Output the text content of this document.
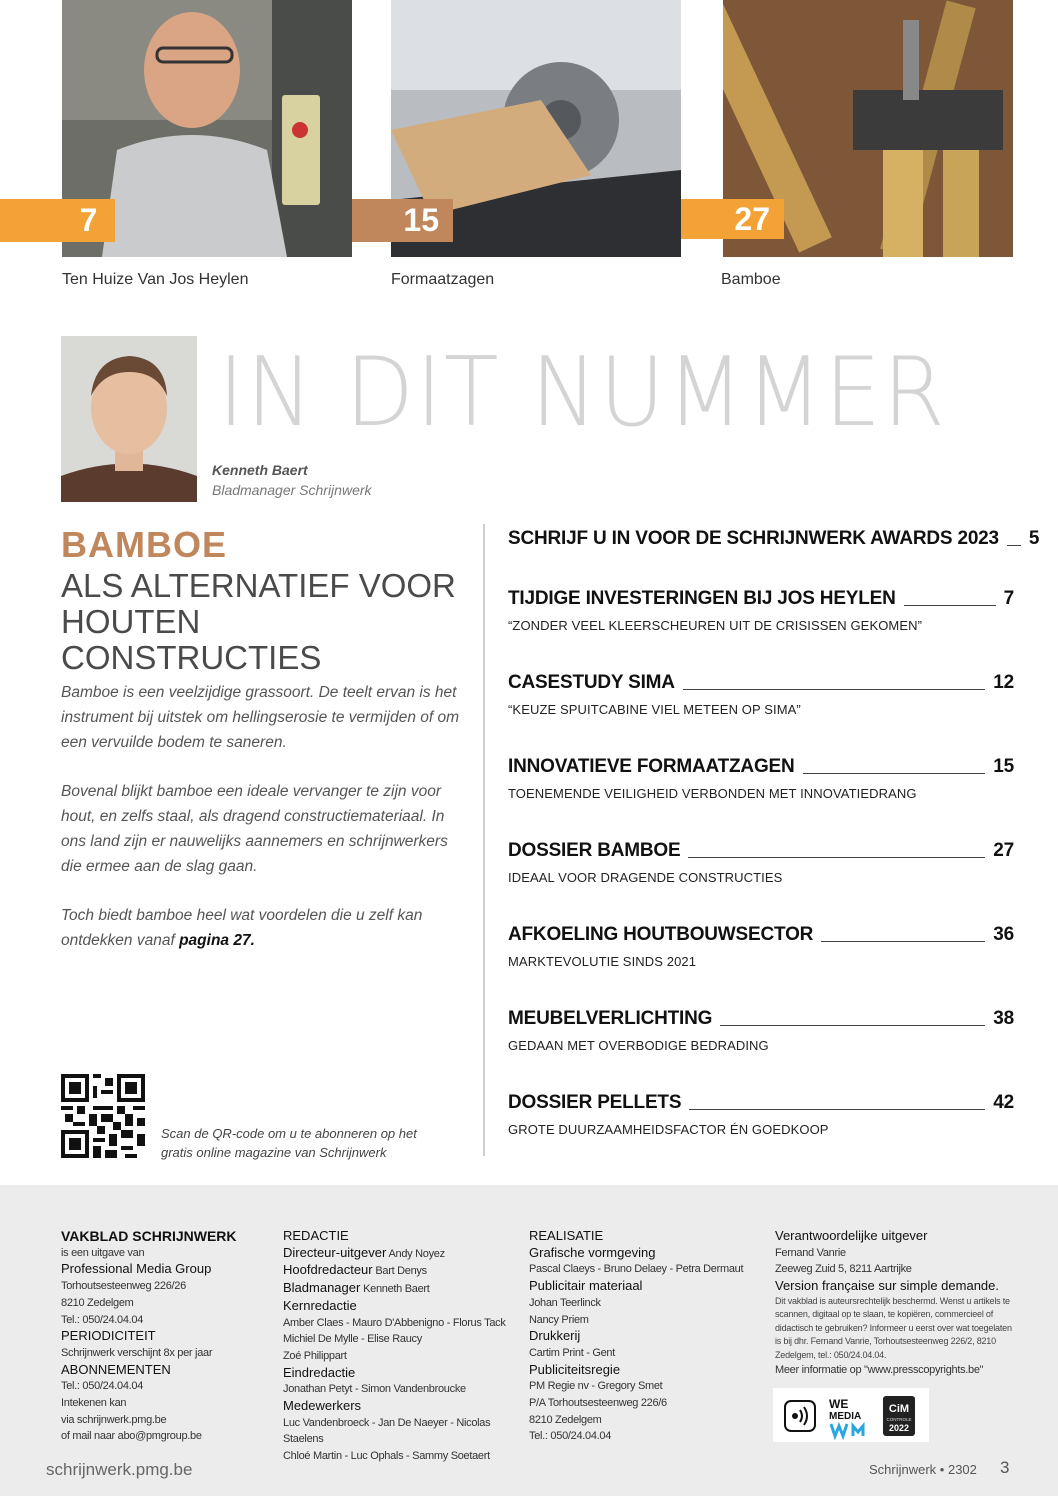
7	15	27
Ten Huize Van Jos Heylen	Formaatzagen	Bamboe
IN DIT NUMMER
Kenneth Baert
Bladmanager Schrijnwerk
BAMBOE
ALS ALTERNATIEF VOOR HOUTEN CONSTRUCTIES

Bamboe is een veelzijdige grassoort. De teelt ervan is het instrument bij uitstek om hellingserosie te vermijden of om een vervuilde bodem te saneren.

Bovenal blijkt bamboe een ideale vervanger te zijn voor hout, en zelfs staal, als dragend constructiemateriaal. In ons land zijn er nauwelijks aannemers en schrijnwerkers die ermee aan de slag gaan.

Toch biedt bamboe heel wat voordelen die u zelf kan ontdekken vanaf pagina 27.

Scan de QR-code om u te abonneren op het gratis online magazine van Schrijnwerk

SCHRIJF U IN VOOR DE SCHRIJNWERK AWARDS 2023 5
TIJDIGE INVESTERINGEN BIJ JOS HEYLEN	7
“ZONDER VEEL KLEERSCHEUREN UIT DE CRISISSEN GEKOMEN”
CASESTUDY SIMA	12
“KEUZE SPUITCABINE VIEL METEEN OP SIMA”
INNOVATIEVE FORMAATZAGEN	15
TOENEMENDE VEILIGHEID VERBONDEN MET INNOVATIEDRANG
DOSSIER BAMBOE	27
IDEAAL VOOR DRAGENDE CONSTRUCTIES
AFKOELING HOUTBOUWSECTOR	36
MARKTEVOLUTIE SINDS 2021
MEUBELVERLICHTING	38
GEDAAN MET OVERBODIGE BEDRADING
DOSSIER PELLETS	42
GROTE DUURZAAMHEIDSFACTOR ÉN GOEDKOOP
VAKBLAD SCHRIJNWERK
is een uitgave van
Professional Media Group
Torhoutsesteenweg 226/26
8210 Zedelgem
Tel.: 050/24.04.04
PERIODICITEIT
Schrijnwerk verschijnt 8x per jaar
ABONNEMENTEN
Tel.: 050/24.04.04
Intekenen kan
via schrijnwerk.pmg.be
of mail naar abo@pmgroup.be
REDACTIE
Directeur-uitgever Andy Noyez
Hoofdredacteur Bart Denys
Bladmanager Kenneth Baert
Kernredactie
Amber Claes - Mauro D'Abbenigno - Florus Tack
Michiel De Mylle - Elise Raucy
Zoé Philippart
Eindredactie
Jonathan Petyt - Simon Vandenbroucke
Medewerkers
Luc Vandenbroeck - Jan De Naeyer - Nicolas Staelens
Chloé Martin - Luc Ophals - Sammy Soetaert
REALISATIE
Grafische vormgeving
Pascal Claeys - Bruno Delaey - Petra Dermaut
Publicitair materiaal
Johan Teerlinck
Nancy Priem
Drukkerij
Cartim Print - Gent
Publiciteitsregie
PM Regie nv - Gregory Smet
P/A Torhoutsesteenweg 226/6
8210 Zedelgem
Tel.: 050/24.04.04
Verantwoordelijke uitgever
Fernand Vanrie
Zeeweg Zuid 5, 8211 Aartrijke
Version française sur simple demande.
Dit vakblad is auteursrechtelijk beschermd. Wenst u artikels te scannen, digitaal op te slaan, te kopiëren, commercieel of didactisch te gebruiken? Informeer u eerst over wat toegelaten is bij dhr. Fernand Vanrie, Torhoutsesteenweg 226/2, 8210 Zedelgem, tel.: 050/24.04.04.
Meer informatie op "www.presscopyrights.be"
WE
MEDIA
CiM
CONTROLE
2022
schrijnwerk.pmg.be	Schrijnwerk • 2302 3
